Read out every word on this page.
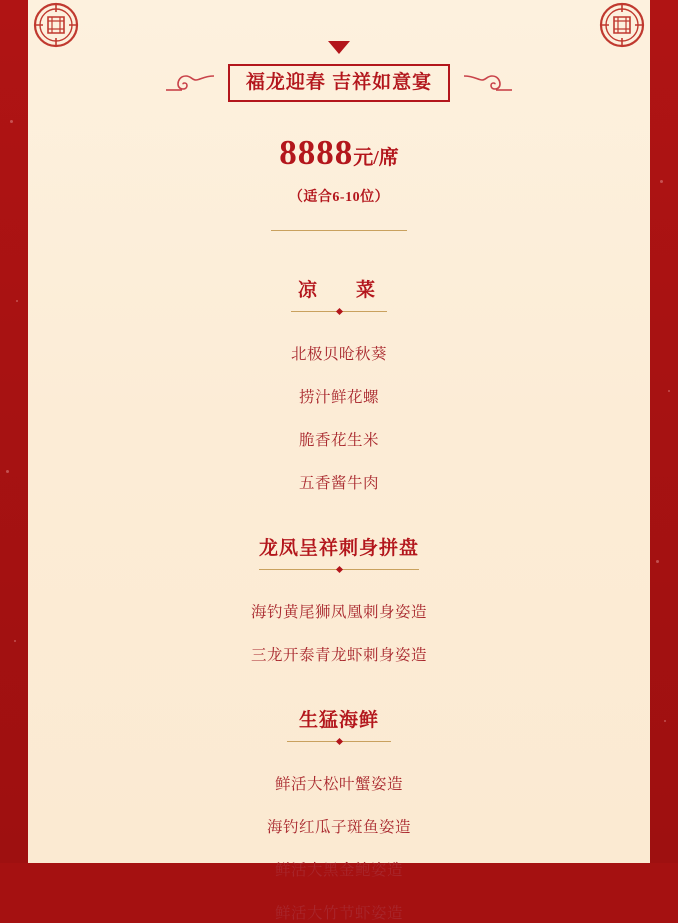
福龙迎春 吉祥如意宴
8888元/席
（适合6-10位）
凉　菜
北极贝呛秋葵
捞汁鲜花螺
脆香花生米
五香酱牛肉
龙凤呈祥刺身拼盘
海钓黄尾狮凤凰刺身姿造
三龙开泰青龙虾刺身姿造
生猛海鲜
鲜活大松叶蟹姿造
海钓红瓜子斑鱼姿造
鲜活大黑金鲍姿造
鲜活大竹节虾姿造
